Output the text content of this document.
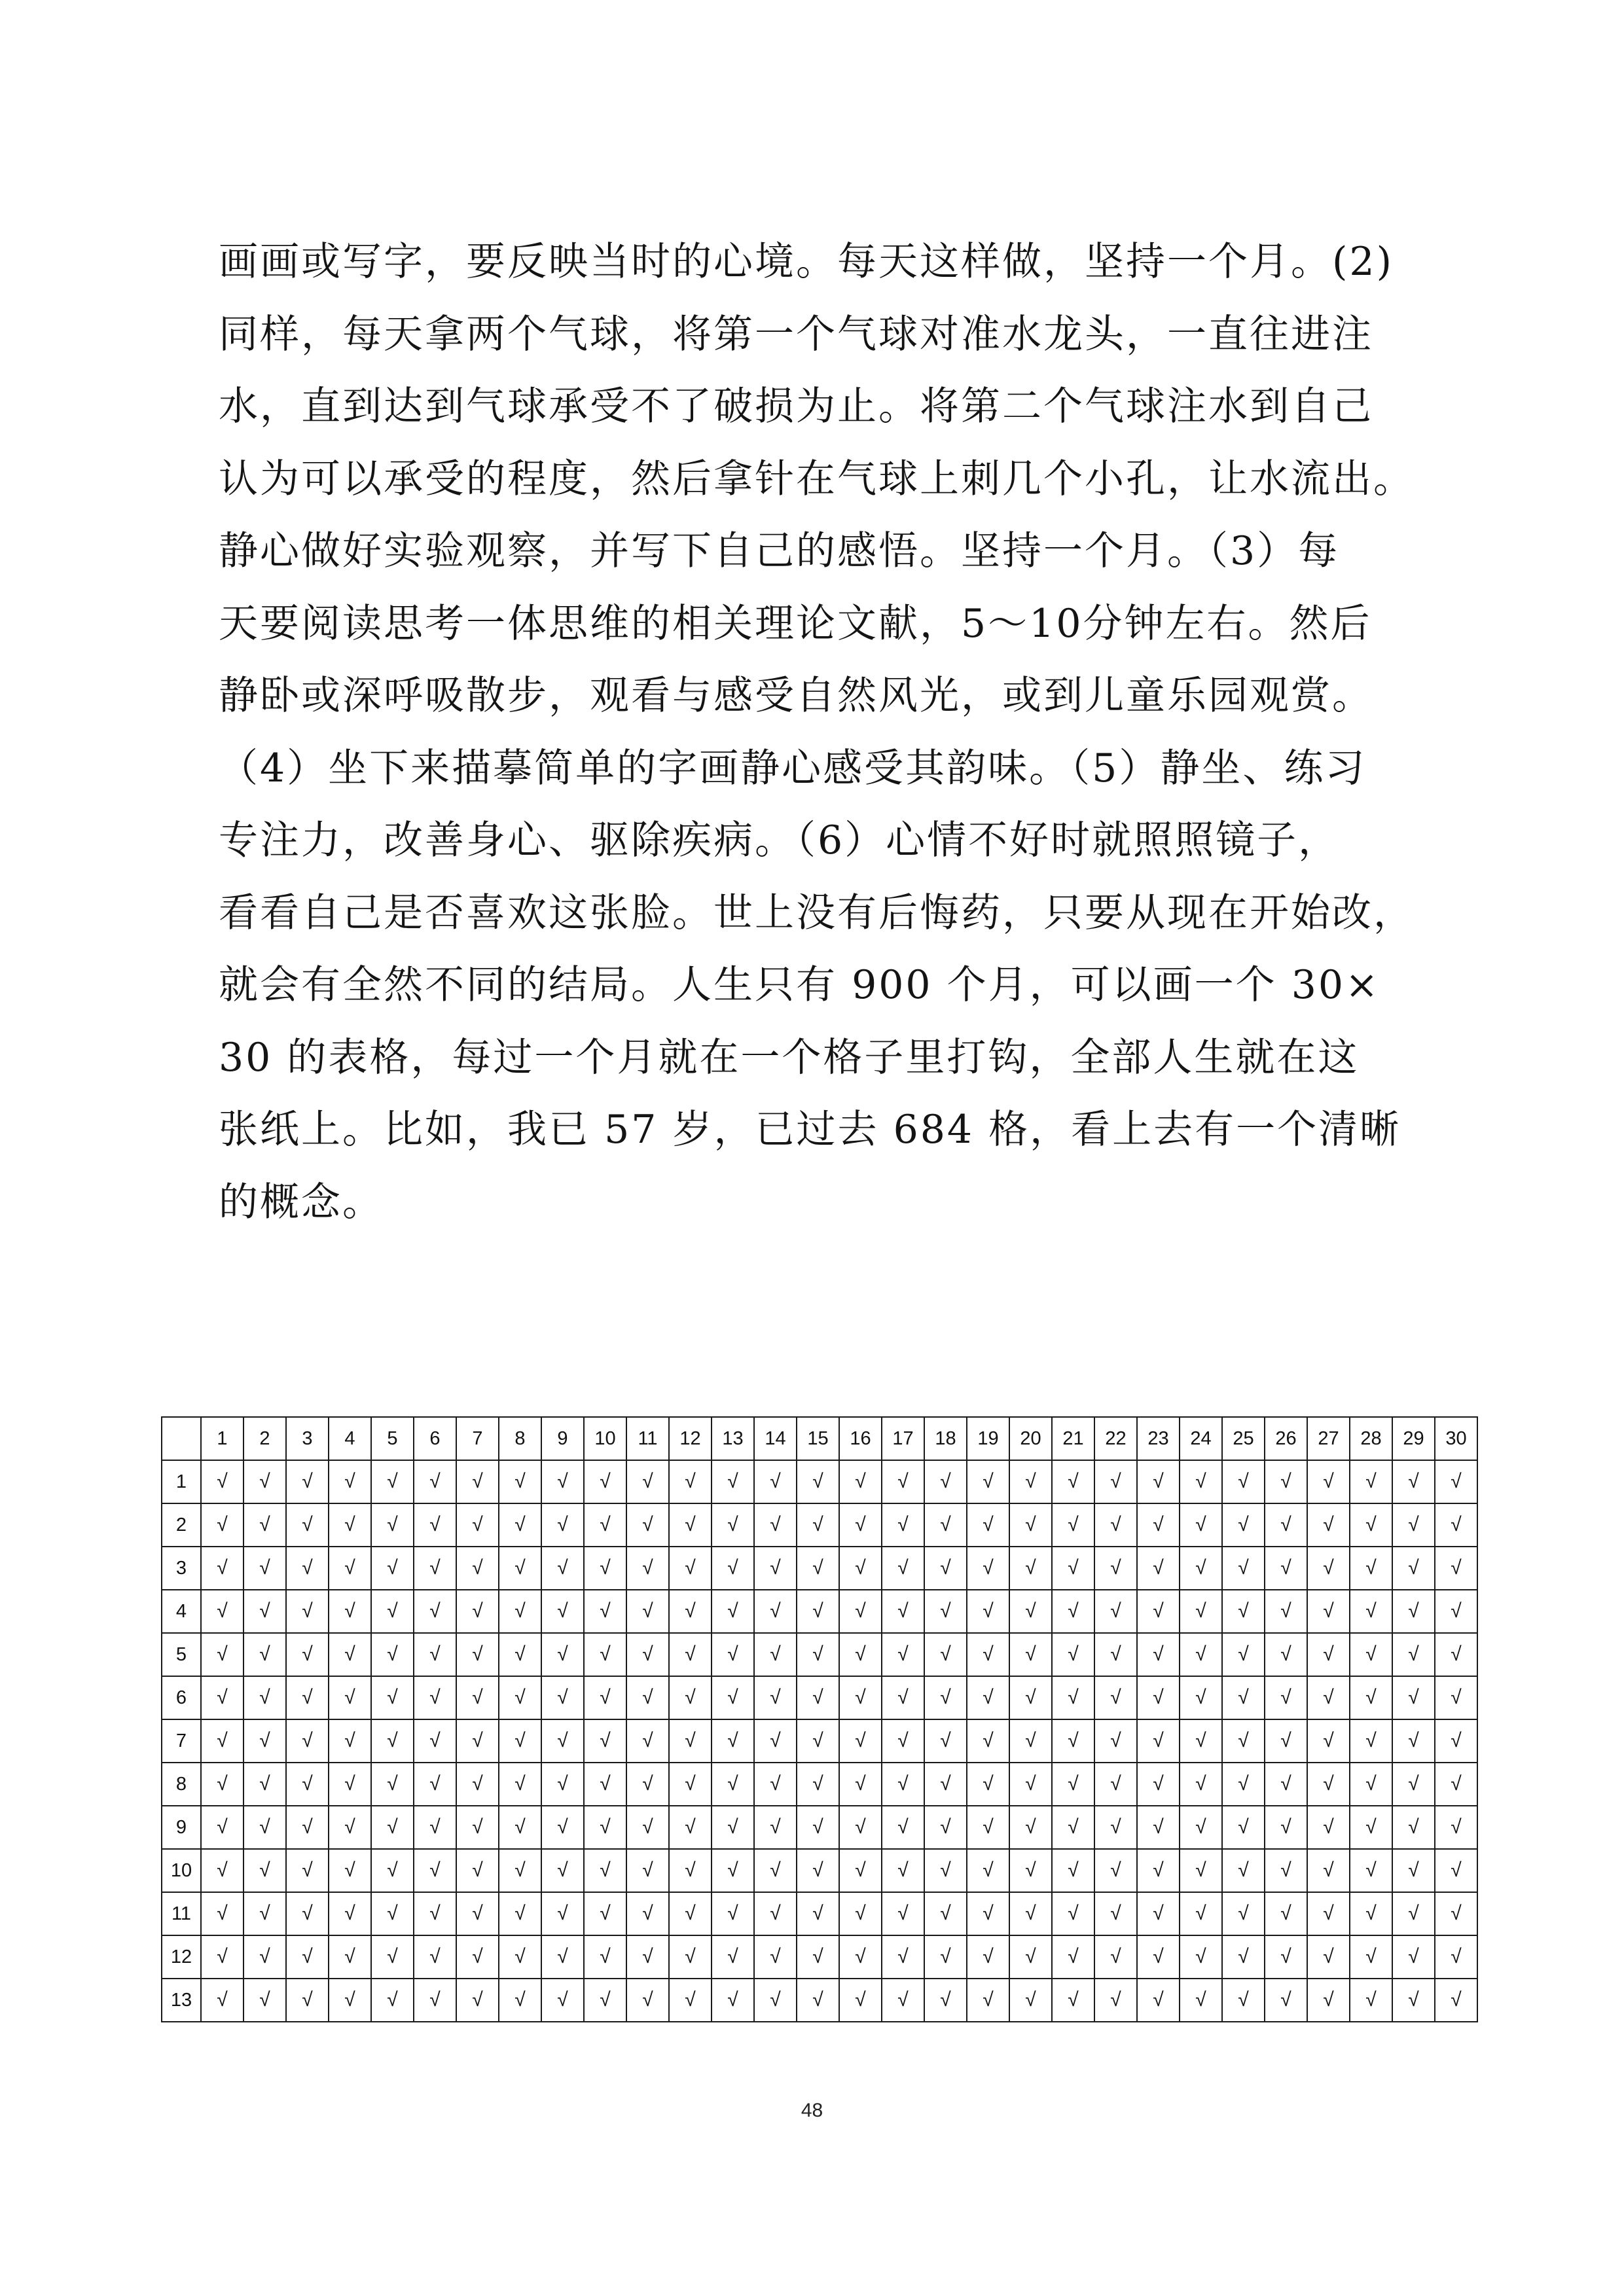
画画或写字，要反映当时的心境。每天这样做，坚持一个月。(2)
同样，每天拿两个气球，将第一个气球对准水龙头，一直往进注
水，直到达到气球承受不了破损为止。将第二个气球注水到自己
认为可以承受的程度，然后拿针在气球上刺几个小孔，让水流出。
静心做好实验观察，并写下自己的感悟。坚持一个月。（3）每
天要阅读思考一体思维的相关理论文献，5～10分钟左右。然后
静卧或深呼吸散步，观看与感受自然风光，或到儿童乐园观赏。
（4）坐下来描摹简单的字画静心感受其韵味。（5）静坐、练习
专注力，改善身心、驱除疾病。（6）心情不好时就照照镜子，
看看自己是否喜欢这张脸。世上没有后悔药，只要从现在开始改，
就会有全然不同的结局。人生只有 900 个月，可以画一个 30×
30 的表格，每过一个月就在一个格子里打钩，全部人生就在这
张纸上。比如，我已 57 岁，已过去 684 格，看上去有一个清晰
的概念。
	1	2	3	4	5	6	7	8	9	10	11	12	13	14	15	16	17	18	19	20	21	22	23	24	25	26	27	28	29	30
1	√	√	√	√	√	√	√	√	√	√	√	√	√	√	√	√	√	√	√	√	√	√	√	√	√	√	√	√	√	√
2	√	√	√	√	√	√	√	√	√	√	√	√	√	√	√	√	√	√	√	√	√	√	√	√	√	√	√	√	√	√
3	√	√	√	√	√	√	√	√	√	√	√	√	√	√	√	√	√	√	√	√	√	√	√	√	√	√	√	√	√	√
4	√	√	√	√	√	√	√	√	√	√	√	√	√	√	√	√	√	√	√	√	√	√	√	√	√	√	√	√	√	√
5	√	√	√	√	√	√	√	√	√	√	√	√	√	√	√	√	√	√	√	√	√	√	√	√	√	√	√	√	√	√
6	√	√	√	√	√	√	√	√	√	√	√	√	√	√	√	√	√	√	√	√	√	√	√	√	√	√	√	√	√	√
7	√	√	√	√	√	√	√	√	√	√	√	√	√	√	√	√	√	√	√	√	√	√	√	√	√	√	√	√	√	√
8	√	√	√	√	√	√	√	√	√	√	√	√	√	√	√	√	√	√	√	√	√	√	√	√	√	√	√	√	√	√
9	√	√	√	√	√	√	√	√	√	√	√	√	√	√	√	√	√	√	√	√	√	√	√	√	√	√	√	√	√	√
10	√	√	√	√	√	√	√	√	√	√	√	√	√	√	√	√	√	√	√	√	√	√	√	√	√	√	√	√	√	√
11	√	√	√	√	√	√	√	√	√	√	√	√	√	√	√	√	√	√	√	√	√	√	√	√	√	√	√	√	√	√
12	√	√	√	√	√	√	√	√	√	√	√	√	√	√	√	√	√	√	√	√	√	√	√	√	√	√	√	√	√	√
13	√	√	√	√	√	√	√	√	√	√	√	√	√	√	√	√	√	√	√	√	√	√	√	√	√	√	√	√	√	√
48
